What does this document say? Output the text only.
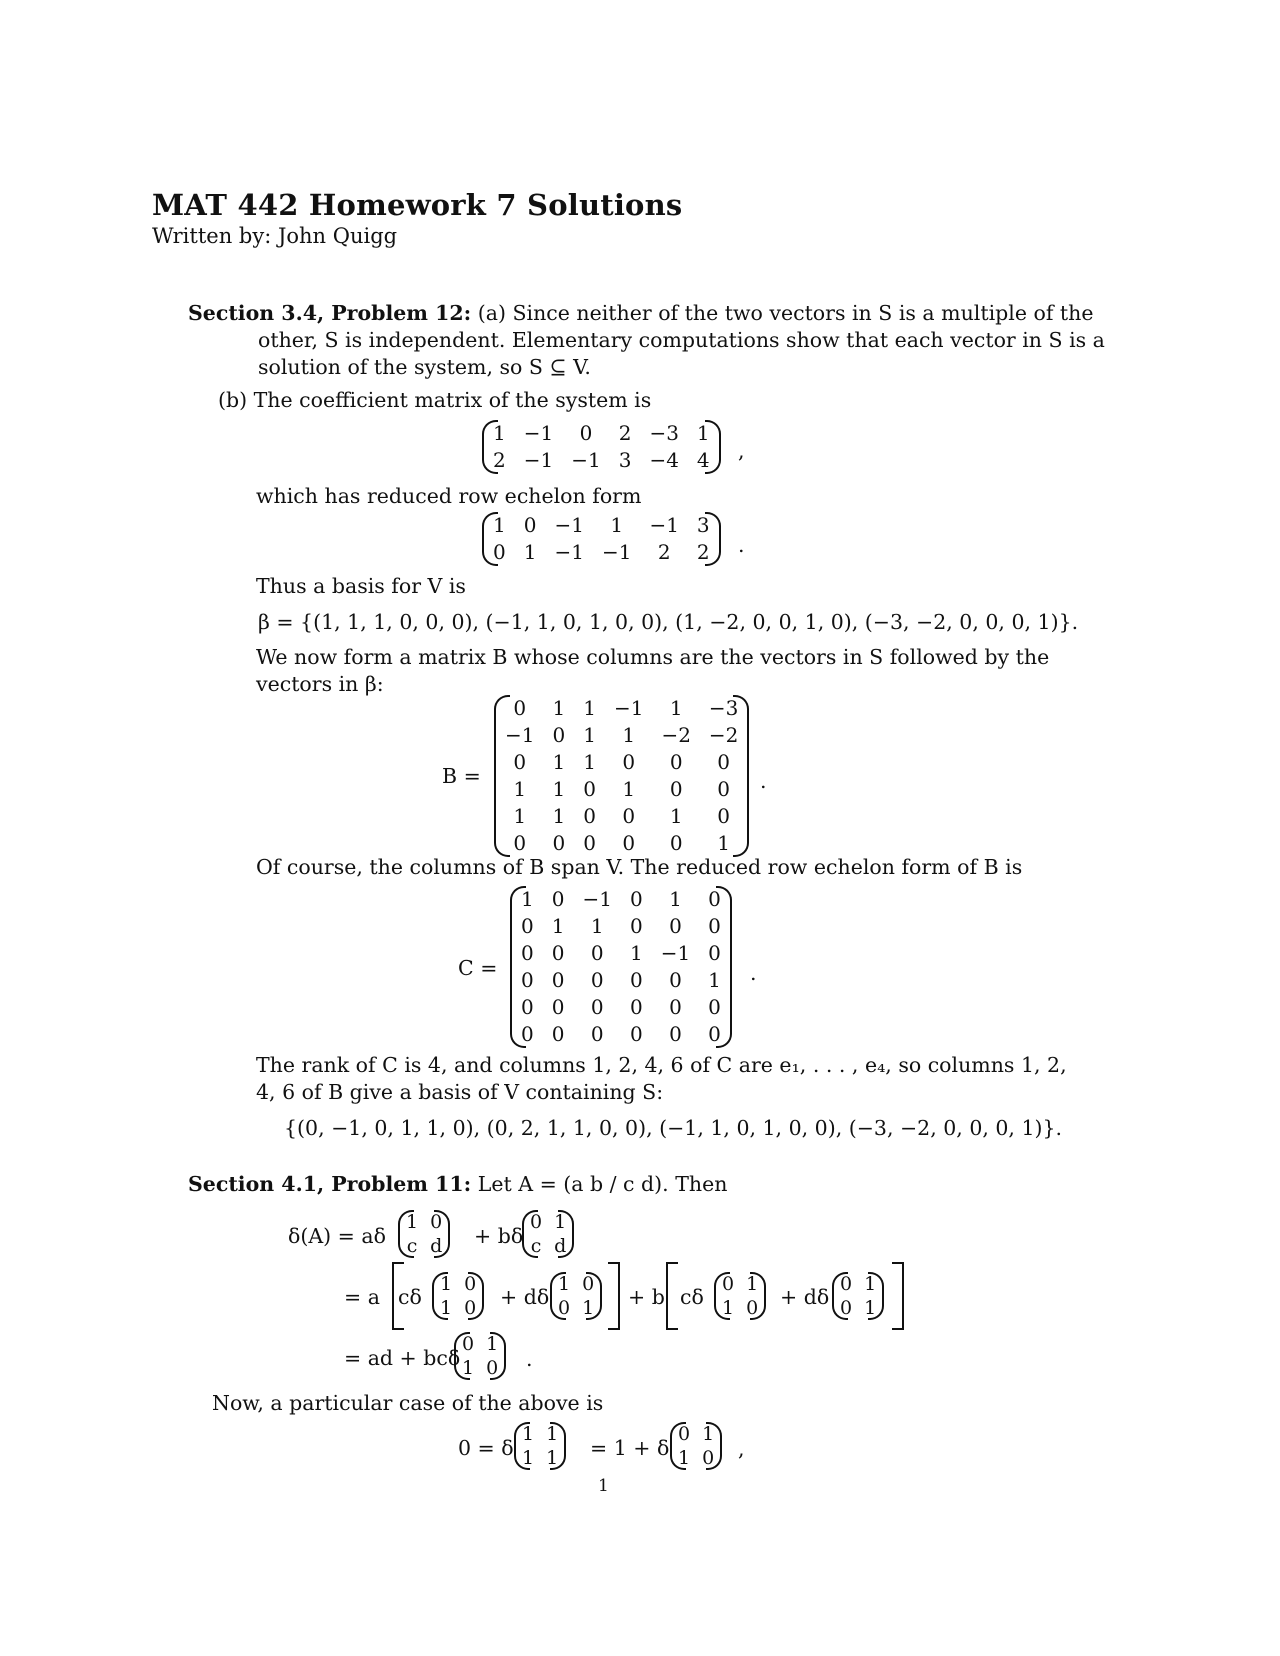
MAT 442 Homework 7 Solutions
Written by: John Quigg
Section 3.4, Problem 12: (a) Since neither of the two vectors in S is a multiple of the other, S is independent. Elementary computations show that each vector in S is a solution of the system, so S ⊆ V.
(b) The coefficient matrix of the system is
1	−1	0	2	−3	1
2	−1	−1	3	−4	4 ,
which has reduced row echelon form
1	0	−1	1	−1	3
0	1	−1	−1	2	2 .
Thus a basis for V is
β = {(1, 1, 1, 0, 0, 0), (−1, 1, 0, 1, 0, 0), (1, −2, 0, 0, 1, 0), (−3, −2, 0, 0, 0, 1)}.
We now form a matrix B whose columns are the vectors in S followed by the vectors in β:
B =
0	1	1	−1	1	−3
−1	0	1	1	−2	−2
0	1	1	0	0	0
1	1	0	1	0	0
1	1	0	0	1	0
0	0	0	0	0	1
.
Of course, the columns of B span V. The reduced row echelon form of B is
C =
1	0	−1	0	1	0
0	1	1	0	0	0
0	0	0	1	−1	0
0	0	0	0	0	1
0	0	0	0	0	0
0	0	0	0	0	0
.
The rank of C is 4, and columns 1, 2, 4, 6 of C are e₁, . . . , e₄, so columns 1, 2, 4, 6 of B give a basis of V containing S:
{(0, −1, 0, 1, 1, 0), (0, 2, 1, 1, 0, 0), (−1, 1, 0, 1, 0, 0), (−3, −2, 0, 0, 0, 1)}.
Section 4.1, Problem 11: Let A = (a b / c d). Then
δ(A) = aδ
1	0
c	d + bδ
0	1
c	d
= a cδ
1	0
1	0 + dδ
1	0
0	1 + b cδ
0	1
1	0 + dδ
0	1
0	1
= ad + bcδ
0	1
1	0 .
Now, a particular case of the above is
0 = δ
1	1
1	1 = 1 + δ
0	1
1	0 ,
1
